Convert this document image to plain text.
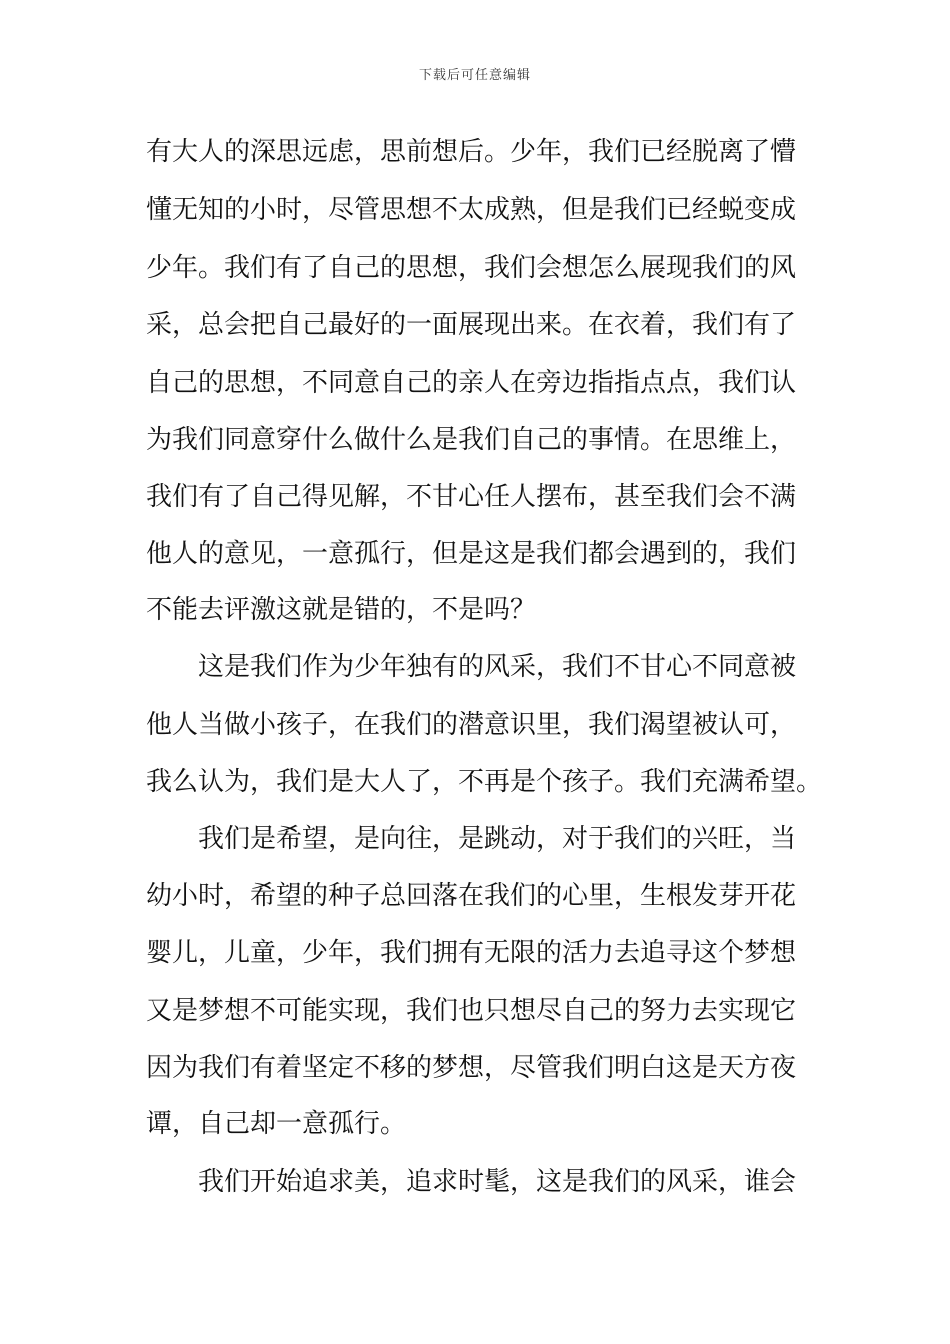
下载后可任意编辑
有大人的深思远虑，思前想后。少年，我们已经脱离了懵
懂无知的小时，尽管思想不太成熟，但是我们已经蜕变成
少年。我们有了自己的思想，我们会想怎么展现我们的风
采，总会把自己最好的一面展现出来。在衣着，我们有了
自己的思想，不同意自己的亲人在旁边指指点点，我们认
为我们同意穿什么做什么是我们自己的事情。在思维上，
我们有了自己得见解，不甘心任人摆布，甚至我们会不满
他人的意见，一意孤行，但是这是我们都会遇到的，我们
不能去评激这就是错的，不是吗？
这是我们作为少年独有的风采，我们不甘心不同意被
他人当做小孩子，在我们的潜意识里，我们渴望被认可，
我么认为，我们是大人了，不再是个孩子。我们充满希望。
我们是希望，是向往，是跳动，对于我们的兴旺，当
幼小时，希望的种子总回落在我们的心里，生根发芽开花
婴儿，儿童，少年，我们拥有无限的活力去追寻这个梦想
又是梦想不可能实现，我们也只想尽自己的努力去实现它
因为我们有着坚定不移的梦想，尽管我们明白这是天方夜
谭，自己却一意孤行。
我们开始追求美，追求时髦，这是我们的风采，谁会
